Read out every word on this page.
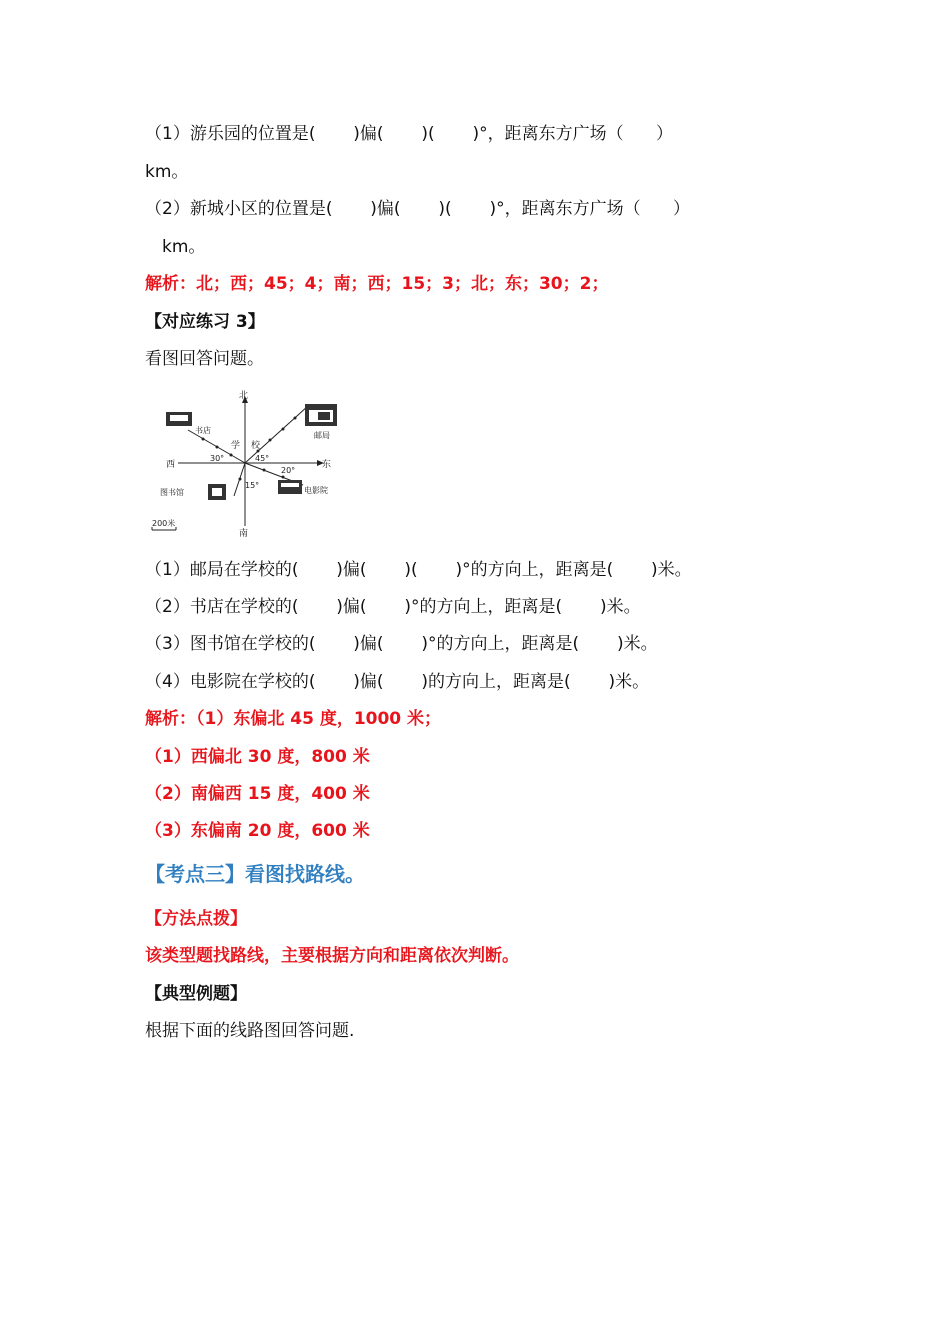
（1）游乐园的位置是(       )偏(       )(       )°，距离东方广场（      ）
km。
（2）新城小区的位置是(       )偏(       )(       )°，距离东方广场（      ）
km。
解析：北；西；45；4；南；西；15；3；北；东；30；2；
【对应练习 3】
看图回答问题。
北
南
西	东
学 校
书店
邮局
图书馆	电影院
30°	45°
20°
15°
200米
（1）邮局在学校的(       )偏(       )(       )°的方向上，距离是(       )米。
（2）书店在学校的(       )偏(       )°的方向上，距离是(       )米。
（3）图书馆在学校的(       )偏(       )°的方向上，距离是(       )米。
（4）电影院在学校的(       )偏(       )的方向上，距离是(       )米。
解析：（1）东偏北 45 度，1000 米；
（1）西偏北 30 度，800 米
（2）南偏西 15 度，400 米
（3）东偏南 20 度，600 米
【考点三】看图找路线。
【方法点拨】
该类型题找路线，主要根据方向和距离依次判断。
【典型例题】
根据下面的线路图回答问题.
